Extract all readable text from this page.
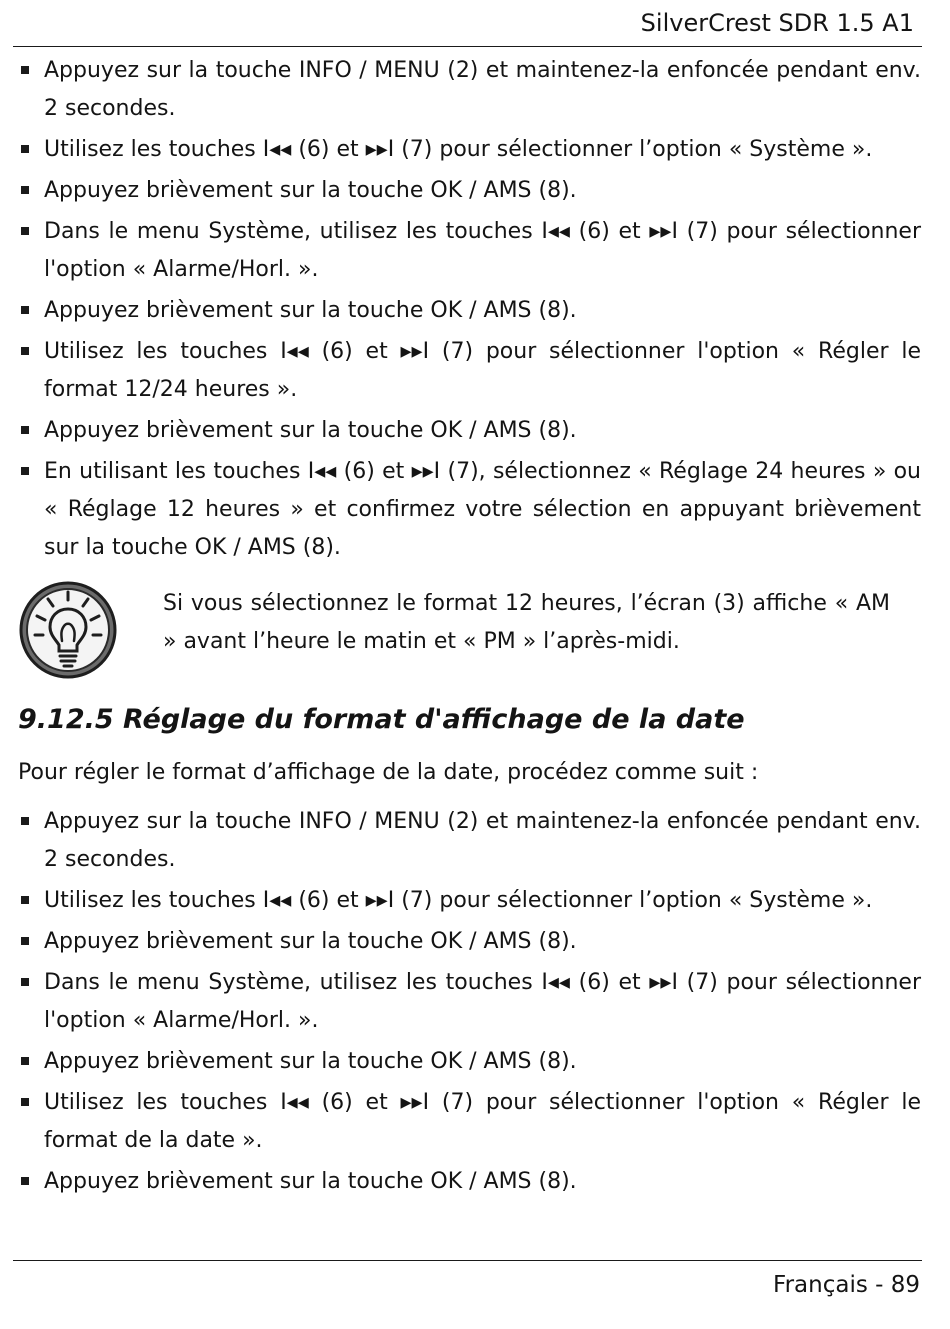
SilverCrest SDR 1.5 A1
Appuyez sur la touche INFO / MENU (2) et maintenez-la enfoncée pendant env. 2 secondes.
Utilisez les touches I◂◂ (6) et ▸▸I (7) pour sélectionner l’option « Système ».
Appuyez brièvement sur la touche OK / AMS (8).
Dans le menu Système, utilisez les touches I◂◂ (6) et ▸▸I (7) pour sélectionner l'option « Alarme/Horl. ».
Appuyez brièvement sur la touche OK / AMS (8).
Utilisez les touches I◂◂ (6) et ▸▸I (7) pour sélectionner l'option « Régler le format 12/24 heures ».
Appuyez brièvement sur la touche OK / AMS (8).
En utilisant les touches I◂◂ (6) et ▸▸I (7), sélectionnez « Réglage 24 heures » ou « Réglage 12 heures » et confirmez votre sélection en appuyant brièvement sur la touche OK / AMS (8).
Si vous sélectionnez le format 12 heures, l’écran (3) affiche « AM » avant l’heure le matin et « PM » l’après-midi.
9.12.5 Réglage du format d'affichage de la date

Pour régler le format d’affichage de la date, procédez comme suit :

Appuyez sur la touche INFO / MENU (2) et maintenez-la enfoncée pendant env. 2 secondes.
Utilisez les touches I◂◂ (6) et ▸▸I (7) pour sélectionner l’option « Système ».
Appuyez brièvement sur la touche OK / AMS (8).
Dans le menu Système, utilisez les touches I◂◂ (6) et ▸▸I (7) pour sélectionner l'option « Alarme/Horl. ».
Appuyez brièvement sur la touche OK / AMS (8).
Utilisez les touches I◂◂ (6) et ▸▸I (7) pour sélectionner l'option « Régler le format de la date ».
Appuyez brièvement sur la touche OK / AMS (8).
Français - 89
